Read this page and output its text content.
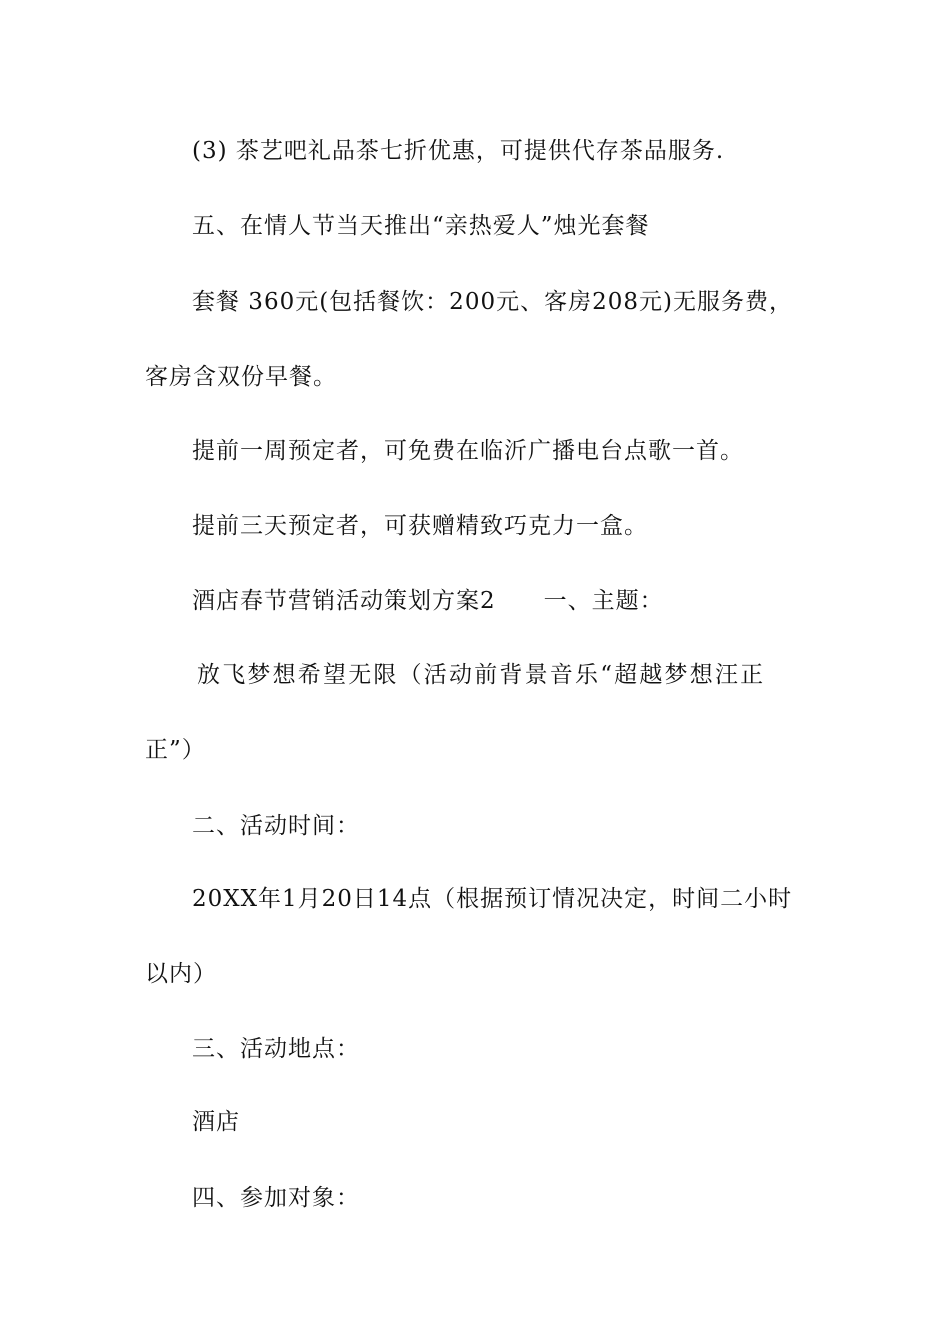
(3) 茶艺吧礼品茶七折优惠，可提供代存茶品服务.
五、在情人节当天推出“亲热爱人”烛光套餐
套餐 360元(包括餐饮：200元、客房208元)无服务费，
客房含双份早餐。
提前一周预定者，可免费在临沂广播电台点歌一首。
提前三天预定者，可获赠精致巧克力一盒。
酒店春节营销活动策划方案2　　一、主题：
放飞梦想希望无限（活动前背景音乐“超越梦想汪正
正”）
二、活动时间：
20XX年1月20日14点（根据预订情况决定，时间二小时
以内）
三、活动地点：
酒店
四、参加对象：
